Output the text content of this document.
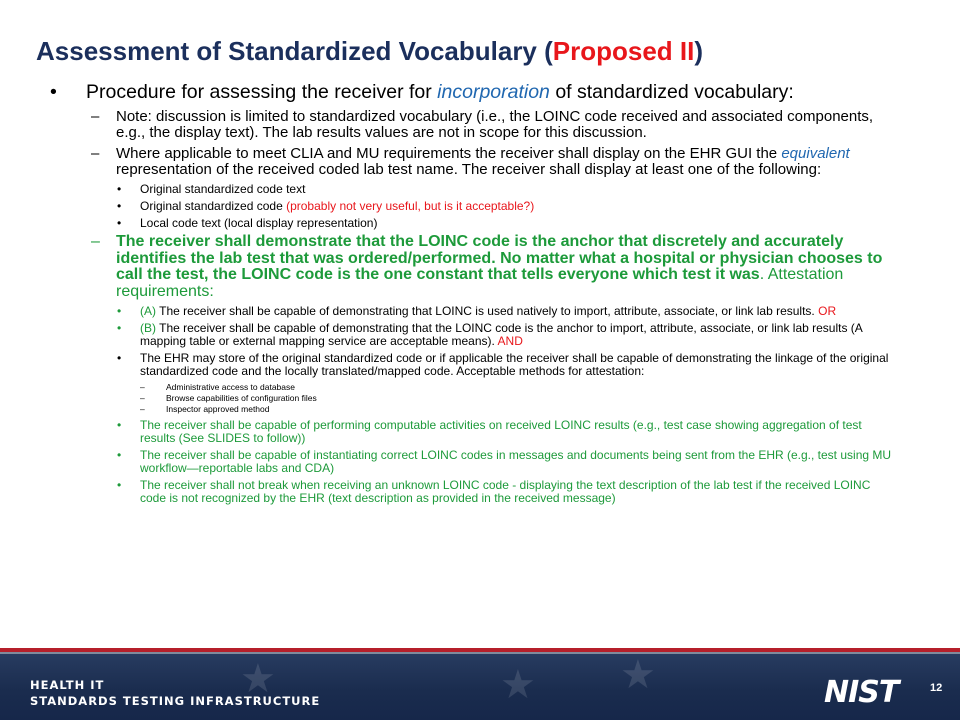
Assessment of Standardized Vocabulary (Proposed II)
• Procedure for assessing the receiver for incorporation of standardized vocabulary:
– Note: discussion is limited to standardized vocabulary (i.e., the LOINC code received and associated components, e.g., the display text). The lab results values are not in scope for this discussion.
– Where applicable to meet CLIA and MU requirements the receiver shall display on the EHR GUI the equivalent representation of the received coded lab test name. The receiver shall display at least one of the following:
• Original standardized code text
• Original standardized code (probably not very useful, but is it acceptable?)
• Local code text (local display representation)
– The receiver shall demonstrate that the LOINC code is the anchor that discretely and accurately identifies the lab test that was ordered/performed. No matter what a hospital or physician chooses to call the test, the LOINC code is the one constant that tells everyone which test it was. Attestation requirements:
• (A) The receiver shall be capable of demonstrating that LOINC is used natively to import, attribute, associate, or link lab results. OR
• (B) The receiver shall be capable of demonstrating that the LOINC code is the anchor to import, attribute, associate, or link lab results (A mapping table or external mapping service are acceptable means). AND
• The EHR may store of the original standardized code or if applicable the receiver shall be capable of demonstrating the linkage of the original standardized code and the locally translated/mapped code. Acceptable methods for attestation:
–	Administrative access to database
–	Browse capabilities of configuration files
–	Inspector approved method
• The receiver shall be capable of performing computable activities on received LOINC results (e.g., test case showing aggregation of test results (See SLIDES to follow))
• The receiver shall be capable of instantiating correct LOINC codes in messages and documents being sent from the EHR (e.g., test using MU workflow—reportable labs and CDA)
• The receiver shall not break when receiving an unknown LOINC code - displaying the text description of the lab test if the received LOINC code is not recognized by the EHR (text description as provided in the received message)
★	★ ★
HEALTH IT
STANDARDS TESTING INFRASTRUCTURE	NIST	12
